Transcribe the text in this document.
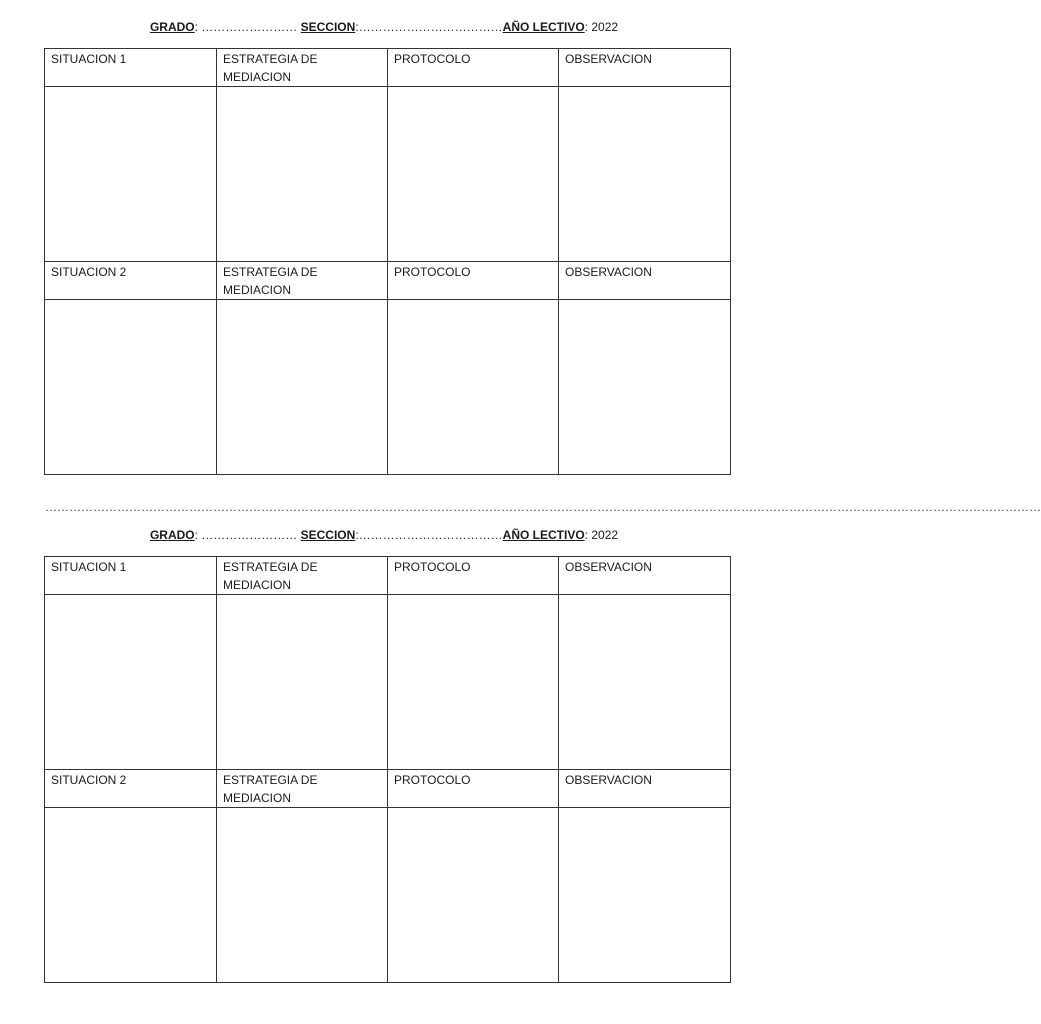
GRADO: …………………… SECCION:………………………………AÑO LECTIVO: 2022
SITUACION 1	ESTRATEGIA DE MEDIACION	PROTOCOLO	OBSERVACION

SITUACION 2	ESTRATEGIA DE MEDIACION	PROTOCOLO	OBSERVACION

……………………………………………………………………………………………………………………………………………………………………………………………………………………………
GRADO: …………………… SECCION:………………………………AÑO LECTIVO: 2022
SITUACION 1	ESTRATEGIA DE MEDIACION	PROTOCOLO	OBSERVACION

SITUACION 2	ESTRATEGIA DE MEDIACION	PROTOCOLO	OBSERVACION
